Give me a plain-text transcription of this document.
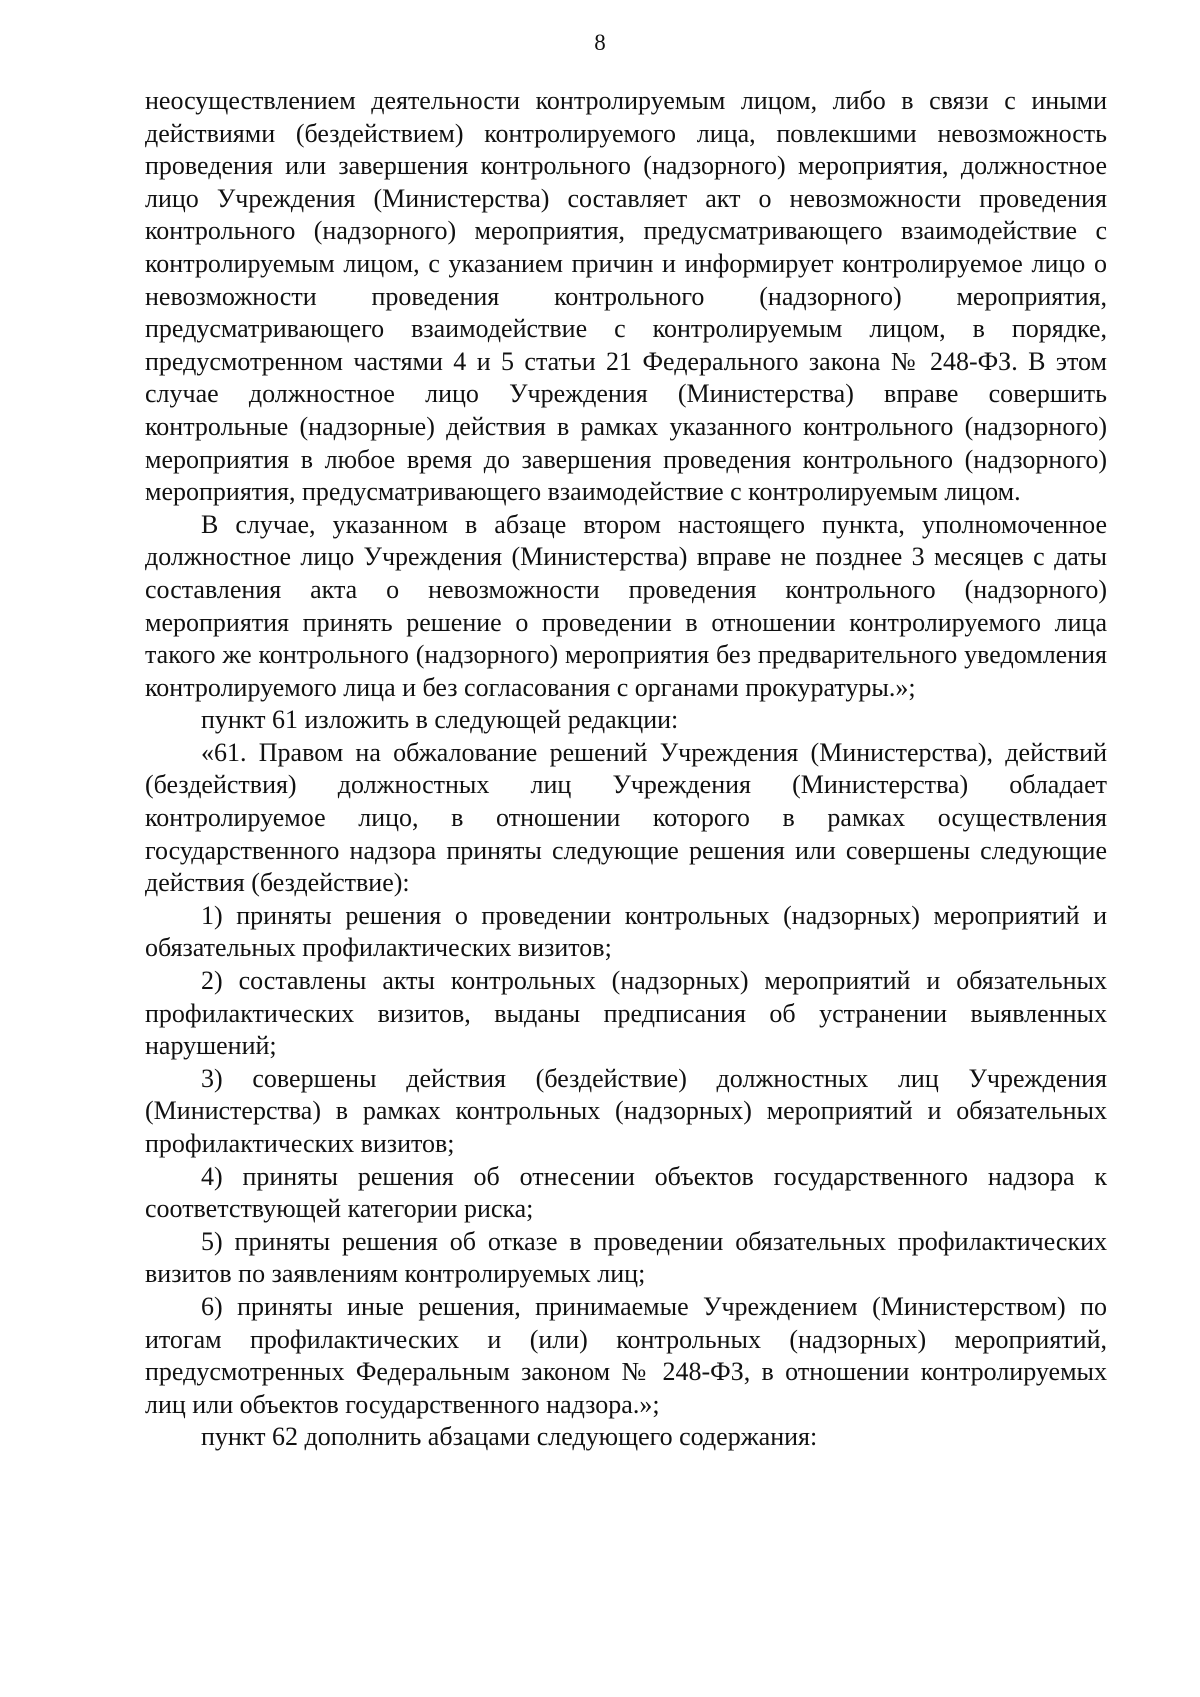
8

неосуществлением деятельности контролируемым лицом, либо в связи с иными действиями (бездействием) контролируемого лица, повлекшими невозможность проведения или завершения контрольного (надзорного) мероприятия, должностное лицо Учреждения (Министерства) составляет акт о невозможности проведения контрольного (надзорного) мероприятия, предусматривающего взаимодействие с контролируемым лицом, с указанием причин и информирует контролируемое лицо о невозможности проведения контрольного (надзорного) мероприятия, предусматривающего взаимодействие с контролируемым лицом, в порядке, предусмотренном частями 4 и 5 статьи 21 Федерального закона № 248-ФЗ. В этом случае должностное лицо Учреждения (Министерства) вправе совершить контрольные (надзорные) действия в рамках указанного контрольного (надзорного) мероприятия в любое время до завершения проведения контрольного (надзорного) мероприятия, предусматривающего взаимодействие с контролируемым лицом.

В случае, указанном в абзаце втором настоящего пункта, уполномоченное должностное лицо Учреждения (Министерства) вправе не позднее 3 месяцев с даты составления акта о невозможности проведения контрольного (надзорного) мероприятия принять решение о проведении в отношении контролируемого лица такого же контрольного (надзорного) мероприятия без предварительного уведомления контролируемого лица и без согласования с органами прокуратуры.»;

пункт 61 изложить в следующей редакции:

«61. Правом на обжалование решений Учреждения (Министерства), действий (бездействия) должностных лиц Учреждения (Министерства) обладает контролируемое лицо, в отношении которого в рамках осуществления государственного надзора приняты следующие решения или совершены следующие действия (бездействие):

1) приняты решения о проведении контрольных (надзорных) мероприятий и обязательных профилактических визитов;

2) составлены акты контрольных (надзорных) мероприятий и обязательных профилактических визитов, выданы предписания об устранении выявленных нарушений;

3) совершены действия (бездействие) должностных лиц Учреждения (Министерства) в рамках контрольных (надзорных) мероприятий и обязательных профилактических визитов;

4) приняты решения об отнесении объектов государственного надзора к соответствующей категории риска;

5) приняты решения об отказе в проведении обязательных профилактических визитов по заявлениям контролируемых лиц;

6) приняты иные решения, принимаемые Учреждением (Министерством) по итогам профилактических и (или) контрольных (надзорных) мероприятий, предусмотренных Федеральным законом № 248-ФЗ, в отношении контролируемых лиц или объектов государственного надзора.»;

пункт 62 дополнить абзацами следующего содержания:
